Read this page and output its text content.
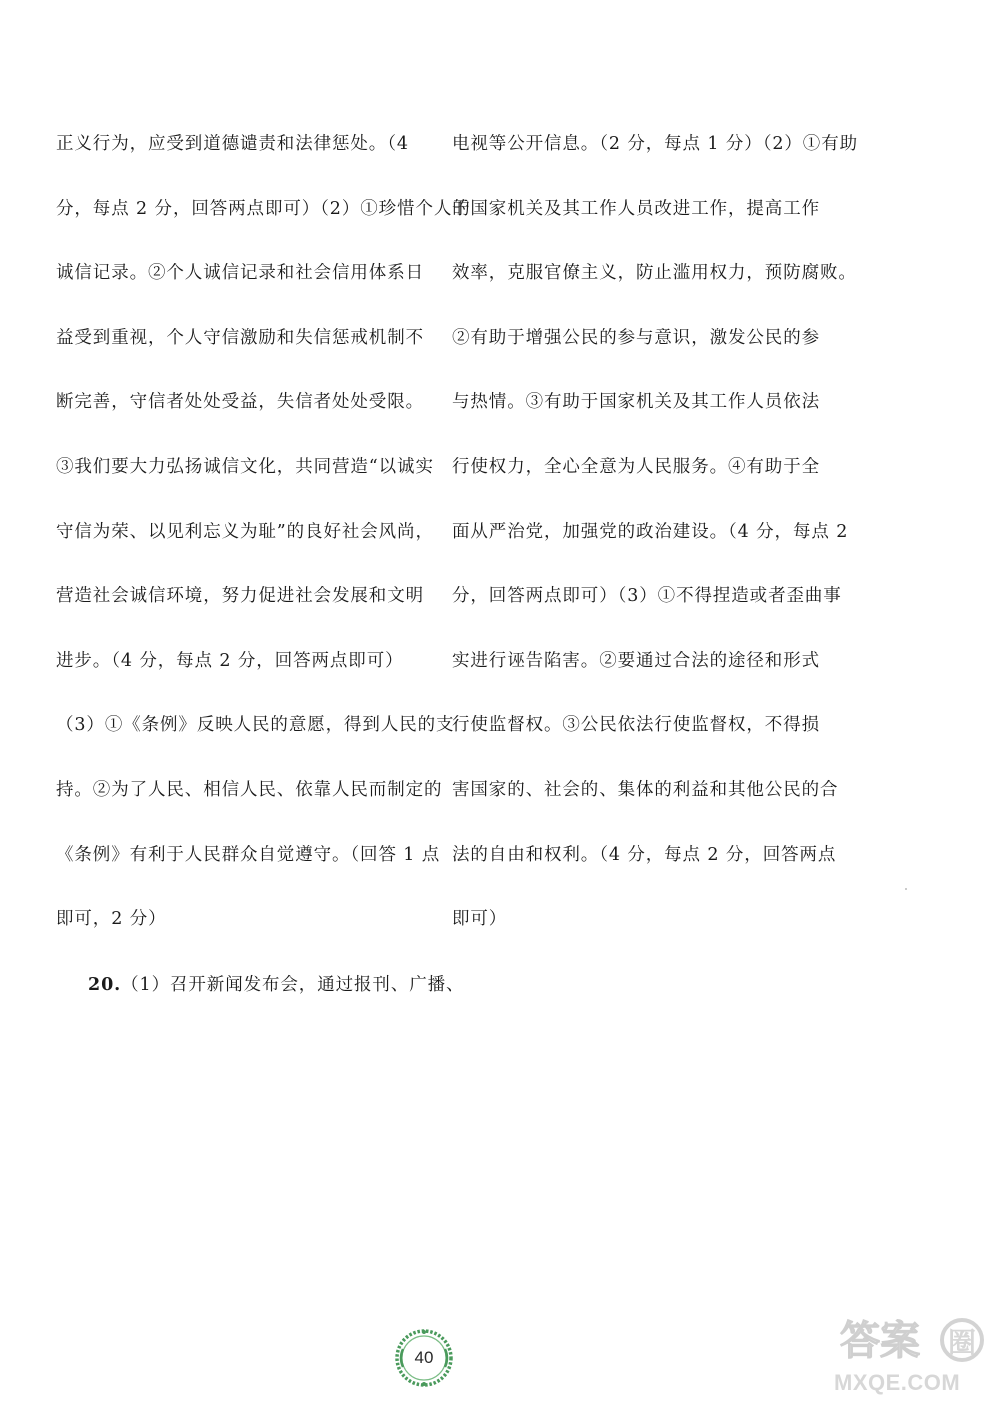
正义行为，应受到道德谴责和法律惩处。（4
分，每点 2 分，回答两点即可）（2）①珍惜个人的
诚信记录。②个人诚信记录和社会信用体系日
益受到重视，个人守信激励和失信惩戒机制不
断完善，守信者处处受益，失信者处处受限。
③我们要大力弘扬诚信文化，共同营造“以诚实
守信为荣、以见利忘义为耻”的良好社会风尚，
营造社会诚信环境，努力促进社会发展和文明
进步。（4 分，每点 2 分，回答两点即可）
（3）①《条例》反映人民的意愿，得到人民的支
持。②为了人民、相信人民、依靠人民而制定的
《条例》有利于人民群众自觉遵守。（回答 1 点
即可，2 分）
20.（1）召开新闻发布会，通过报刊、广播、
电视等公开信息。（2 分，每点 1 分）（2）①有助
于国家机关及其工作人员改进工作，提高工作
效率，克服官僚主义，防止滥用权力，预防腐败。
②有助于增强公民的参与意识，激发公民的参
与热情。③有助于国家机关及其工作人员依法
行使权力，全心全意为人民服务。④有助于全
面从严治党，加强党的政治建设。（4 分，每点 2
分，回答两点即可）（3）①不得捏造或者歪曲事
实进行诬告陷害。②要通过合法的途径和形式
行使监督权。③公民依法行使监督权，不得损
害国家的、社会的、集体的利益和其他公民的合
法的自由和权利。（4 分，每点 2 分，回答两点
即可）
40	答案 圈
MXQE.COM
